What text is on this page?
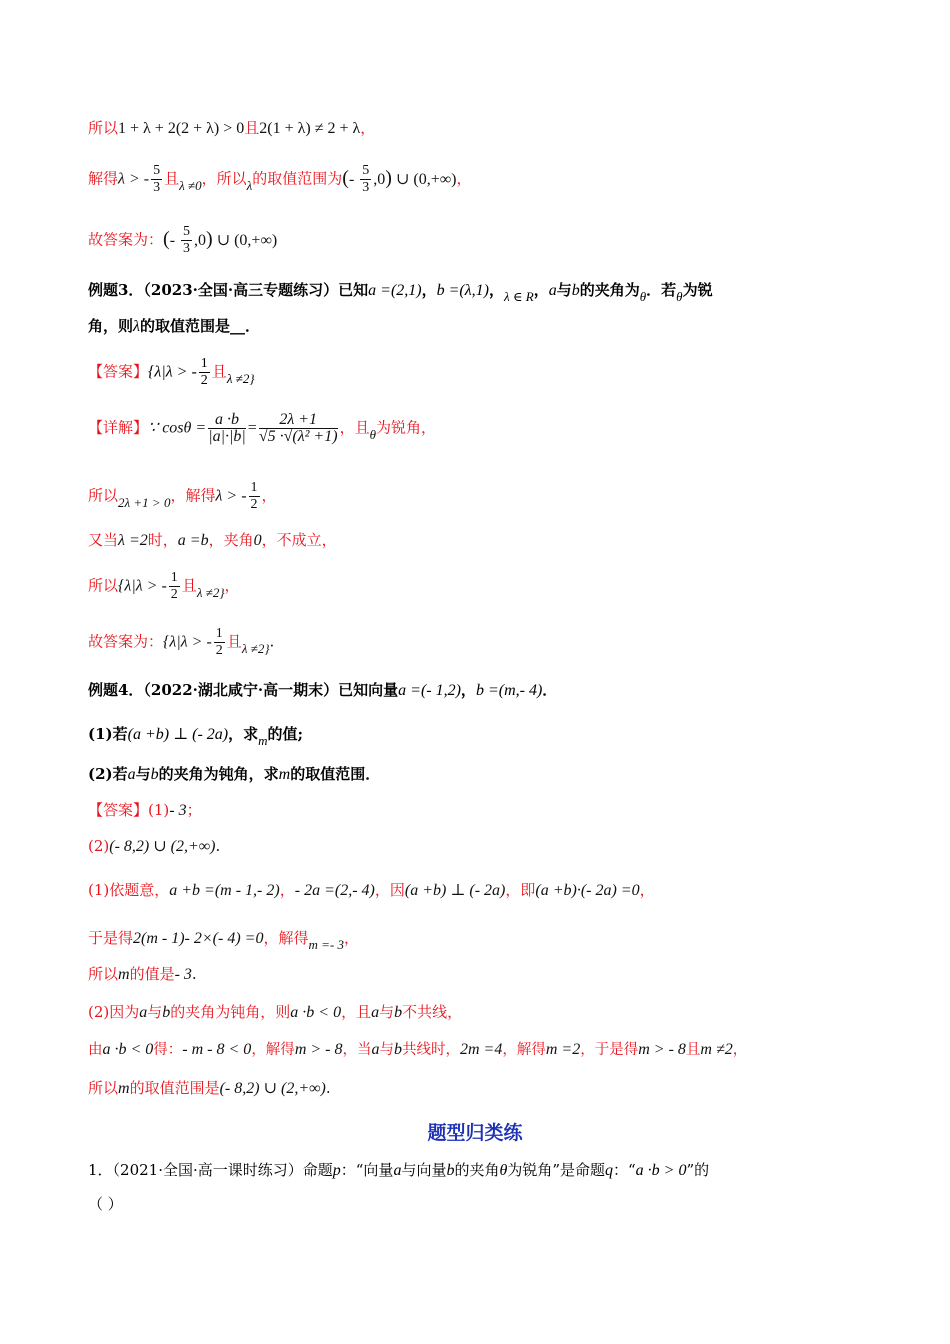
所以1 + λ + 2(2 + λ) > 0且2(1 + λ) ≠ 2 + λ，
解得λ > - $\frac{5}{3}$ 且λ ≠0，所以λ的取值范围为(- $\frac{5}{3} ,0$) ∪ (0,+∞)，
故答案为：(- $\frac{5}{3} ,0$) ∪ (0,+∞)
例题3．（2023·全国·高三专题练习）已知a =(2,1)，b =(λ,1)，λ ∈ R，a与b的夹角为θ．若θ为锐
角，则λ的取值范围是__．
【答案】{λ|λ > - $\frac{1}{2}$ 且λ ≠2}
【详解】∵ $\cos\theta = \frac{a \cdot b}{|a|\cdot|b|} = \frac{2\lambda +1}{\text{√5 ·√(λ² +1)}}$ ，且θ为锐角，
所以2λ +1 > 0，解得λ > - $\frac{1}{2}$ ，
又当λ =2时，a =b，夹角0，不成立，
所以{λ|λ > - $\frac{1}{2}$ 且λ ≠2}，
故答案为：{λ|λ > - $\frac{1}{2}$ 且λ ≠2}.
例题4．（2022·湖北咸宁·高一期末）已知向量a =(- 1,2)，b =(m,- 4)．
(1)若(a +b) ⊥ (- 2a)，求m的值;
(2)若a与b的夹角为钝角，求m的取值范围．
【答案】(1)- 3；
(2)(- 8,2) ∪ (2,+∞).
(1)依题意，a +b =(m - 1,- 2)，- 2a =(2,- 4)，因(a +b) ⊥ (- 2a)，即(a +b)·(- 2a) =0，
于是得2(m - 1)- 2×(- 4) =0，解得m =- 3，
所以m的值是- 3.
(2)因为a与b的夹角为钝角，则a ·b < 0，且a与b不共线，
由a ·b < 0得：- m - 8 < 0，解得m > - 8，当a与b共线时，2m =4，解得m =2，于是得m > - 8且m ≠2，
所以m的取值范围是(- 8,2) ∪ (2,+∞).
题型归类练
1．（2021·全国·高一课时练习）命题p：“向量a与向量b的夹角θ为锐角”是命题q：“a ·b > 0”的
（ ）
